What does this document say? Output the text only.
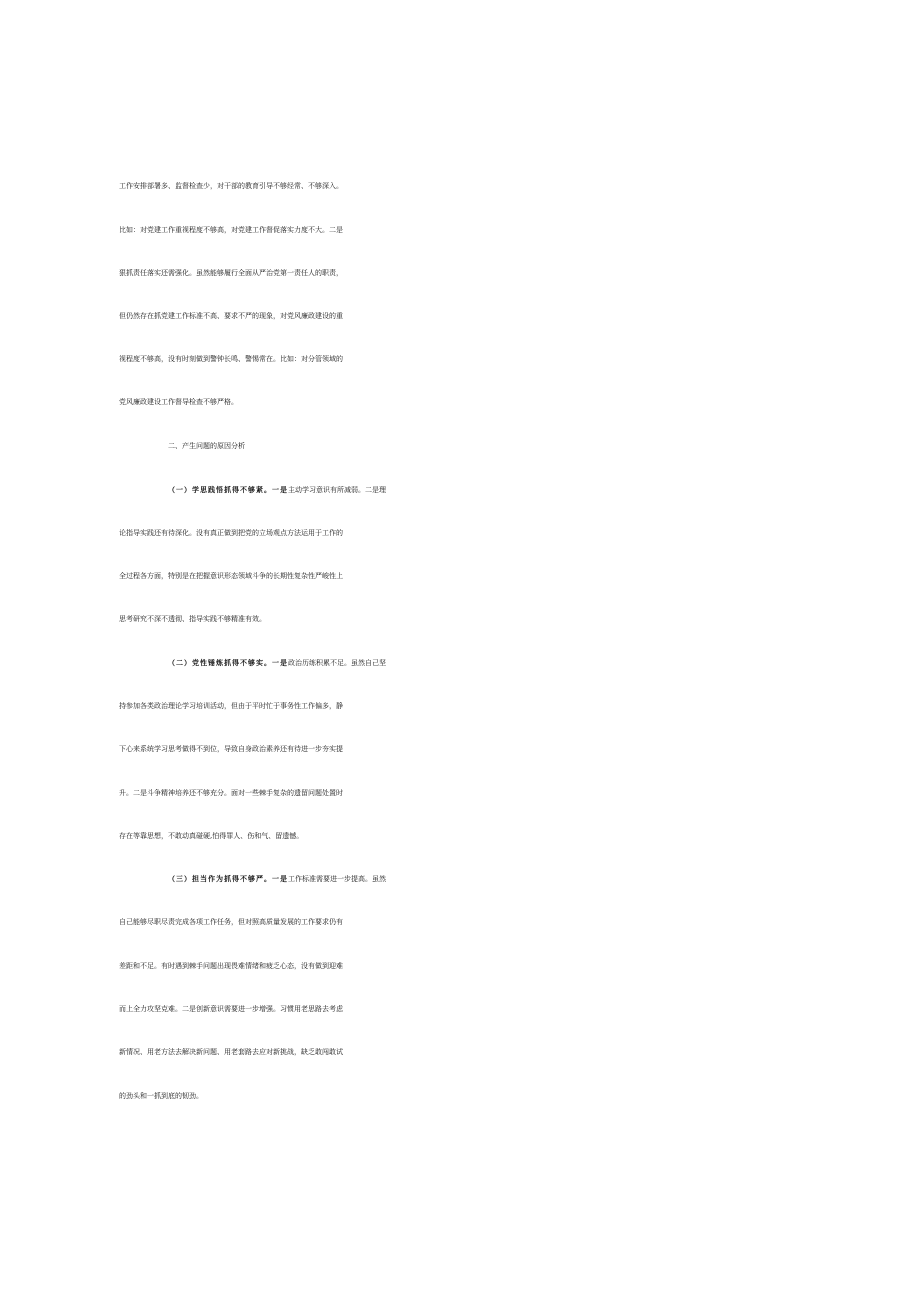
工作安排部署多、监督检查少，对干部的教育引导不够经常、不够深入。
比如：对党建工作重视程度不够高，对党建工作督促落实力度不大。二是
狠抓责任落实还需强化。虽然能够履行全面从严治党第一责任人的职责，
但仍然存在抓党建工作标准不高、要求不严的现象，对党风廉政建设的重
视程度不够高，没有时刻做到警钟长鸣、警惕常在。比如：对分管领域的
党风廉政建设工作督导检查不够严格。
二、产生问题的原因分析
（一）学思践悟抓得不够紧。一是主动学习意识有所减弱。二是理
论指导实践还有待深化。没有真正做到把党的立场观点方法运用于工作的
全过程各方面，特别是在把握意识形态领域斗争的长期性复杂性严峻性上
思考研究不深不透彻、指导实践不够精准有效。
（二）党性锤炼抓得不够实。一是政治历练积累不足。虽然自己坚
持参加各类政治理论学习培训活动，但由于平时忙于事务性工作偏多，静
下心来系统学习思考做得不到位，导致自身政治素养还有待进一步夯实提
升。二是斗争精神培养还不够充分。面对一些棘手复杂的遗留问题处置时
存在等靠思想，不敢动真碰硬,怕得罪人、伤和气、留遗憾。
（三）担当作为抓得不够严。一是工作标准需要进一步提高。虽然
自己能够尽职尽责完成各项工作任务，但对照高质量发展的工作要求仍有
差距和不足。有时遇到棘手问题出现畏难情绪和疲乏心态，没有做到迎难
而上全力攻坚克难。二是创新意识需要进一步增强。习惯用老思路去考虑
新情况、用老方法去解决新问题、用老套路去应对新挑战，缺乏敢闯敢试
的劲头和一抓到底的韧劲。
